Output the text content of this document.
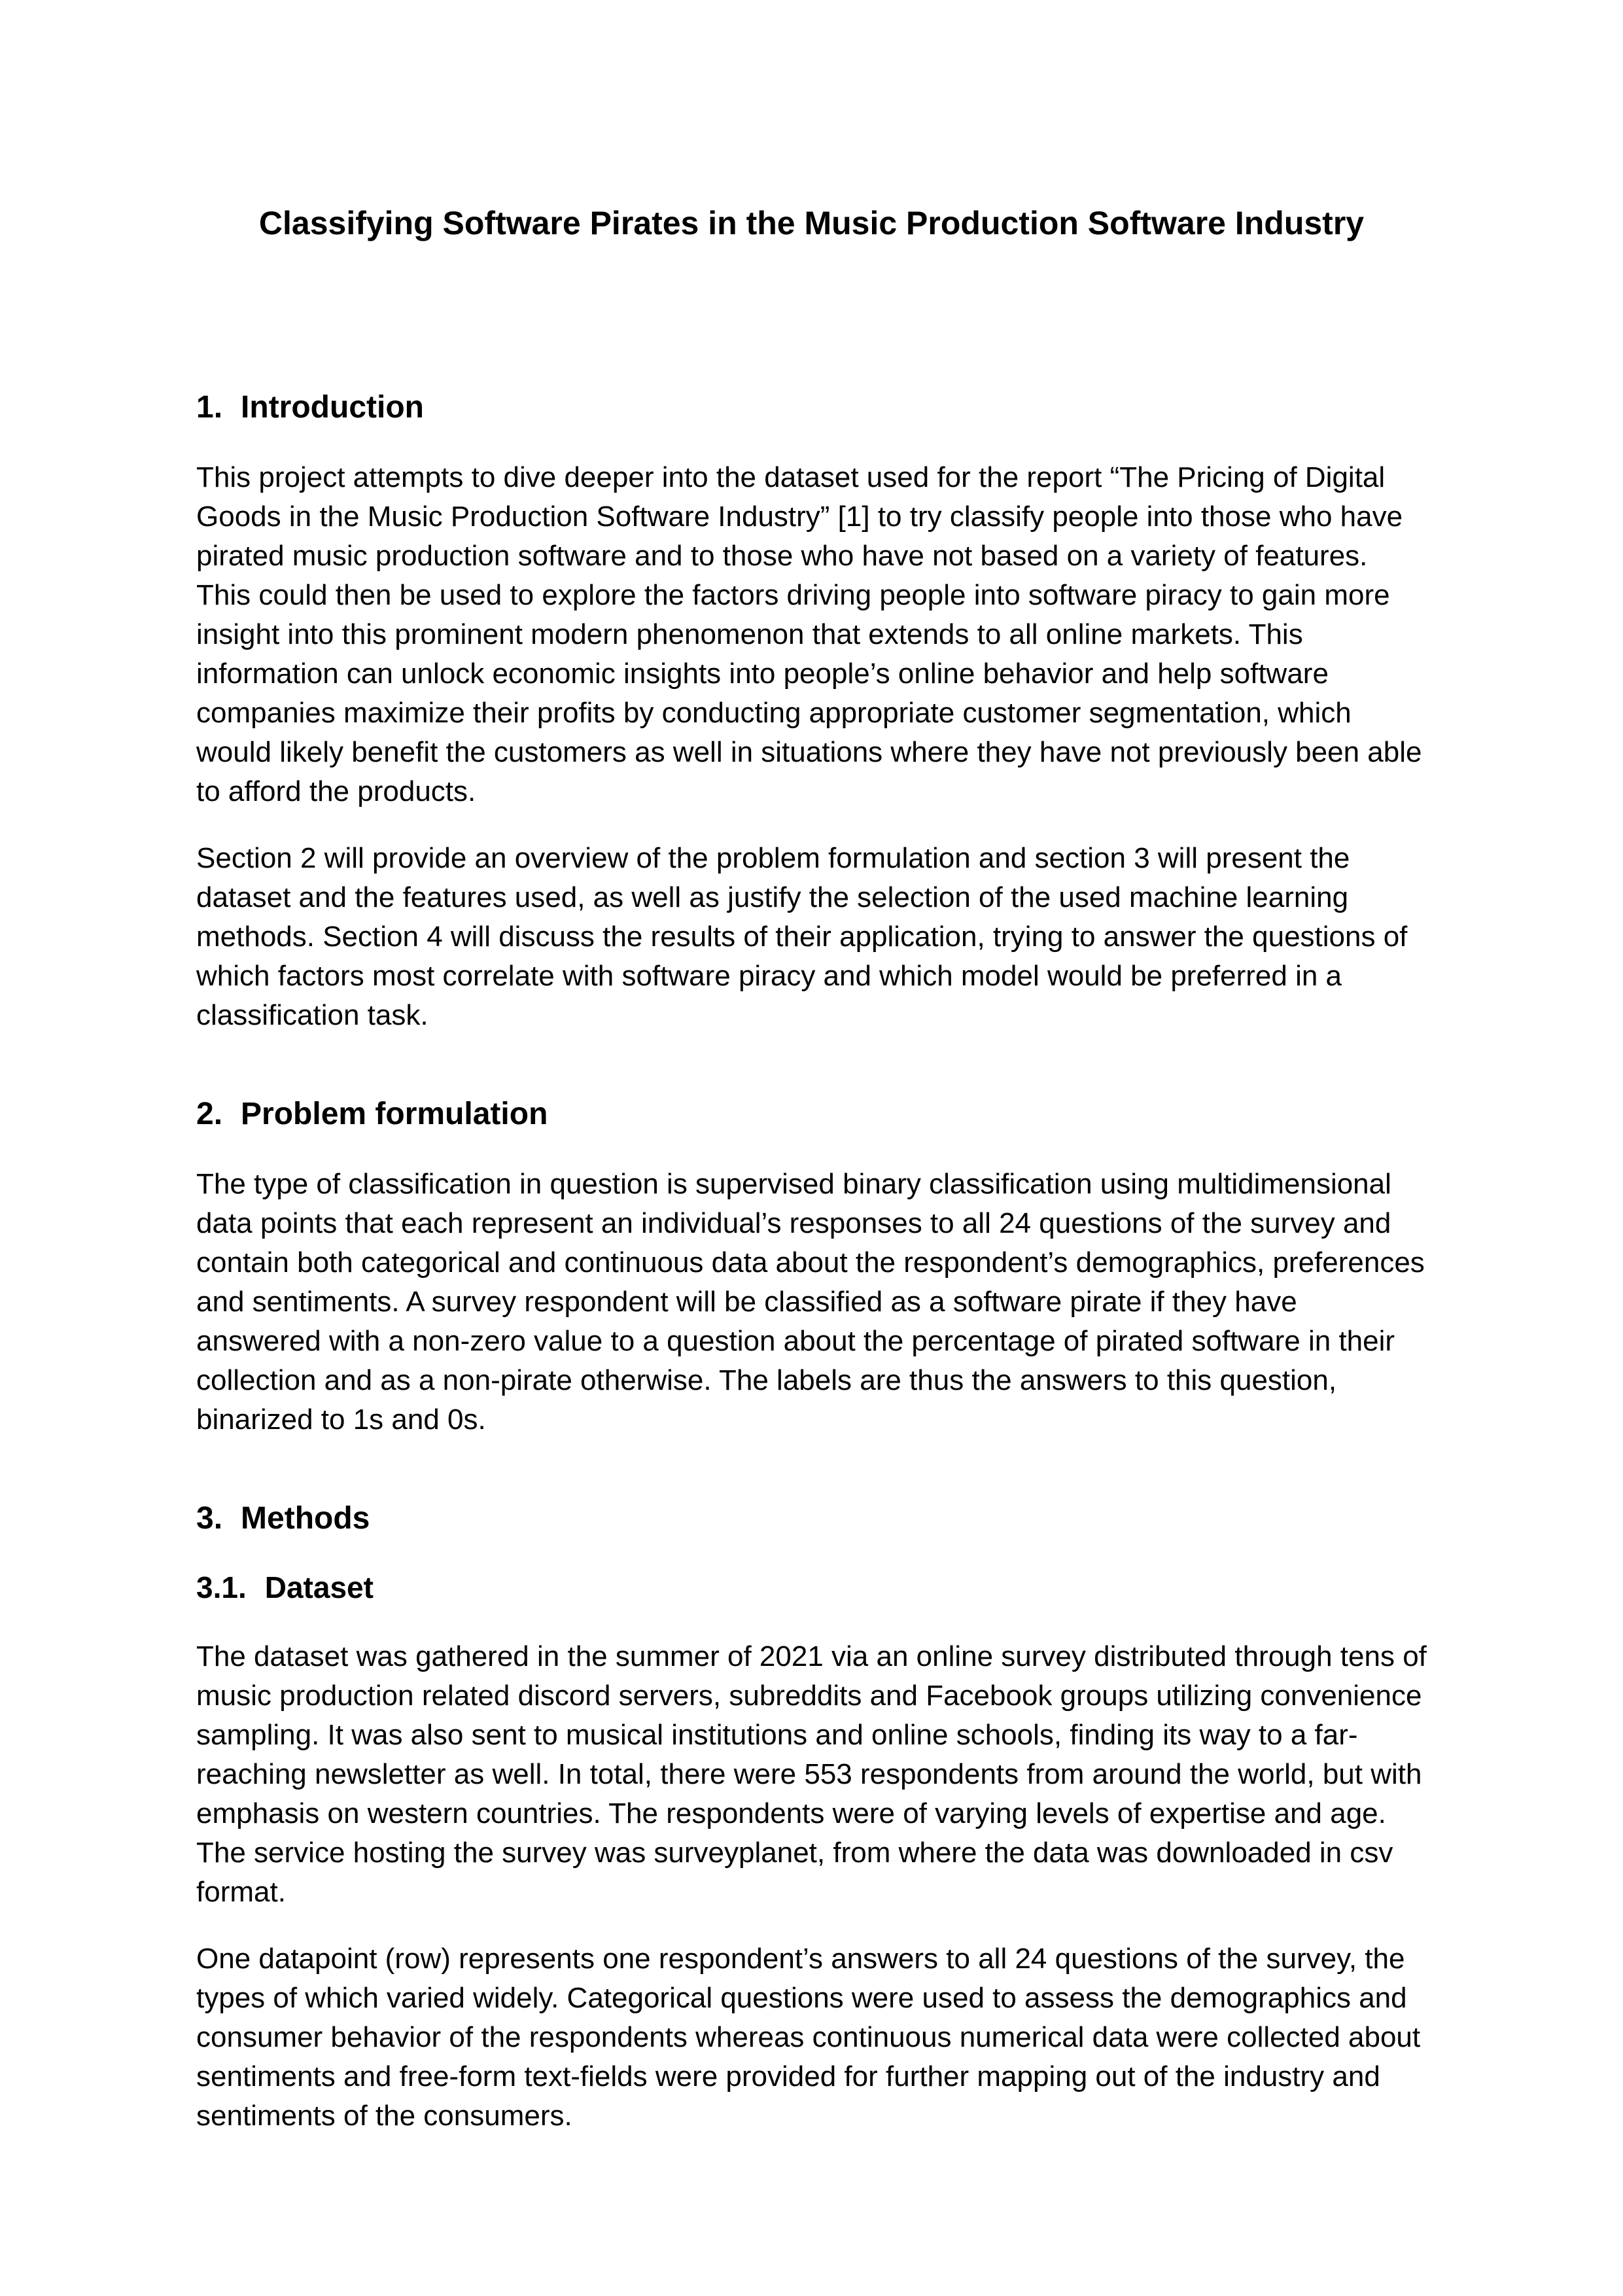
Classifying Software Pirates in the Music Production Software Industry
1. Introduction

This project attempts to dive deeper into the dataset used for the report “The Pricing of Digital Goods in the Music Production Software Industry” [1] to try classify people into those who have pirated music production software and to those who have not based on a variety of features. This could then be used to explore the factors driving people into software piracy to gain more insight into this prominent modern phenomenon that extends to all online markets. This information can unlock economic insights into people’s online behavior and help software companies maximize their profits by conducting appropriate customer segmentation, which would likely benefit the customers as well in situations where they have not previously been able to afford the products.

Section 2 will provide an overview of the problem formulation and section 3 will present the dataset and the features used, as well as justify the selection of the used machine learning methods. Section 4 will discuss the results of their application, trying to answer the questions of which factors most correlate with software piracy and which model would be preferred in a classification task.

2. Problem formulation

The type of classification in question is supervised binary classification using multidimensional data points that each represent an individual’s responses to all 24 questions of the survey and contain both categorical and continuous data about the respondent’s demographics, preferences and sentiments. A survey respondent will be classified as a software pirate if they have answered with a non-zero value to a question about the percentage of pirated software in their collection and as a non-pirate otherwise. The labels are thus the answers to this question, binarized to 1s and 0s.

3. Methods
3.1. Dataset

The dataset was gathered in the summer of 2021 via an online survey distributed through tens of music production related discord servers, subreddits and Facebook groups utilizing convenience sampling. It was also sent to musical institutions and online schools, finding its way to a far-reaching newsletter as well. In total, there were 553 respondents from around the world, but with emphasis on western countries. The respondents were of varying levels of expertise and age. The service hosting the survey was surveyplanet, from where the data was downloaded in csv format.

One datapoint (row) represents one respondent’s answers to all 24 questions of the survey, the types of which varied widely. Categorical questions were used to assess the demographics and consumer behavior of the respondents whereas continuous numerical data were collected about sentiments and free-form text-fields were provided for further mapping out of the industry and sentiments of the consumers.
